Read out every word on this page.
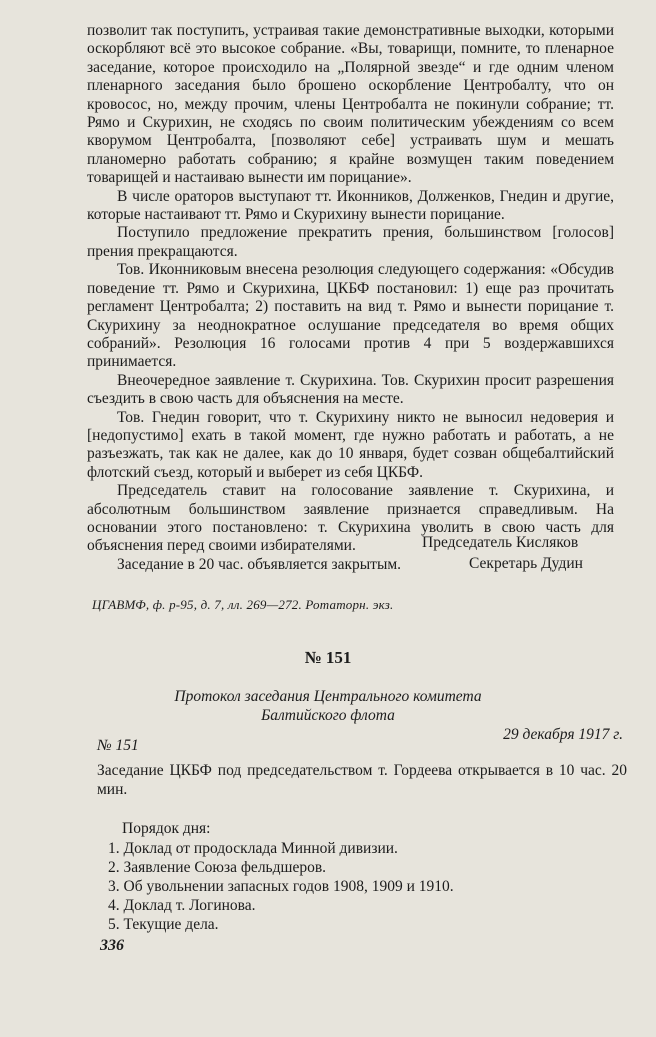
позволит так поступить, устраивая такие демонстративные выходки, которыми оскорбляют всё это высокое собрание. «Вы, товарищи, помните, то пленарное заседание, которое происходило на „Полярной звезде“ и где одним членом пленарного заседания было брошено оскорбление Центробалту, что он кровосос, но, между прочим, члены Центробалта не покинули собрание; тт. Рямо и Скурихин, не сходясь по своим политическим убеждениям со всем кворумом Центробалта, [позволяют себе] устраивать шум и мешать планомерно работать собранию; я крайне возмущен таким поведением товарищей и настаиваю вынести им порицание».

В числе ораторов выступают тт. Иконников, Долженков, Гнедин и другие, которые настаивают тт. Рямо и Скурихину вынести порицание.

Поступило предложение прекратить прения, большинством [голосов] прения прекращаются.

Тов. Иконниковым внесена резолюция следующего содержания: «Обсудив поведение тт. Рямо и Скурихина, ЦКБФ постановил: 1) еще раз прочитать регламент Центробалта; 2) поставить на вид т. Рямо и вынести порицание т. Скурихину за неоднократное ослушание председателя во время общих собраний». Резолюция 16 голосами против 4 при 5 воздержавшихся принимается.

Внеочередное заявление т. Скурихина. Тов. Скурихин просит разрешения съездить в свою часть для объяснения на месте.

Тов. Гнедин говорит, что т. Скурихину никто не выносил недоверия и [недопустимо] ехать в такой момент, где нужно работать и работать, а не разъезжать, так как не далее, как до 10 января, будет созван общебалтийский флотский съезд, который и выберет из себя ЦКБФ.

Председатель ставит на голосование заявление т. Скурихина, и абсолютным большинством заявление признается справедливым. На основании этого постановлено: т. Скурихина уволить в свою часть для объяснения перед своими избирателями.

Заседание в 20 час. объявляется закрытым.

Председатель Кисляков
Секретарь Дудин
ЦГАВМФ, ф. р-95, д. 7, лл. 269—272. Ротаторн. экз.
№ 151
Протокол заседания Центрального комитета
Балтийского флота
29 декабря 1917 г.
№ 151
Заседание ЦКБФ под председательством т. Гордеева открывается в 10 час. 20 мин.
Порядок дня:
1. Доклад от продосклада Минной дивизии.
2. Заявление Союза фельдшеров.
3. Об увольнении запасных годов 1908, 1909 и 1910.
4. Доклад т. Логинова.
5. Текущие дела.
336
